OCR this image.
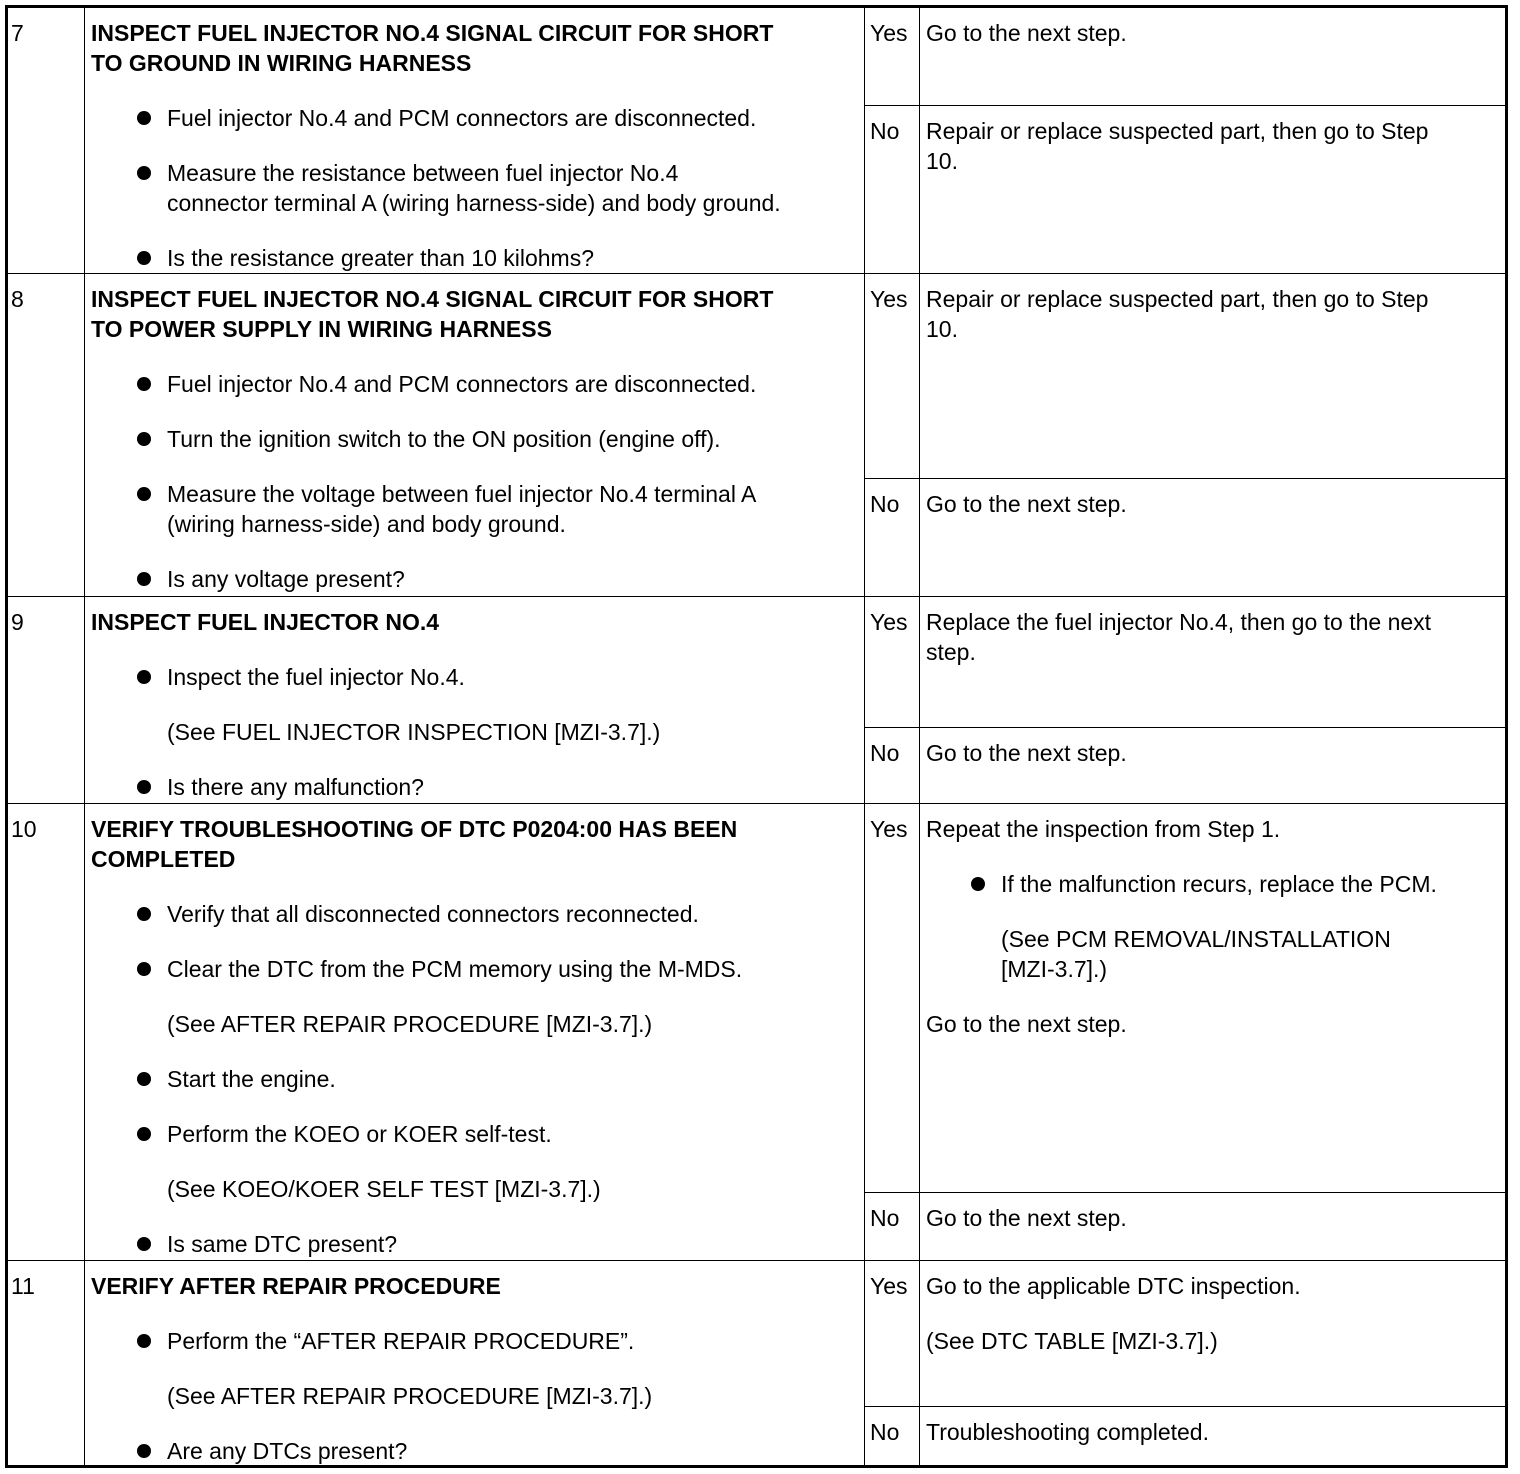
7	INSPECT FUEL INJECTOR NO.4 SIGNAL CIRCUIT FOR SHORT
TO GROUND IN WIRING HARNESS
Fuel injector No.4 and PCM connectors are disconnected.
Measure the resistance between fuel injector No.4
connector terminal A (wiring harness-side) and body ground.
Is the resistance greater than 10 kilohms?
Yes Go to the next step.
No Repair or replace suspected part, then go to Step
10.
8	INSPECT FUEL INJECTOR NO.4 SIGNAL CIRCUIT FOR SHORT
TO POWER SUPPLY IN WIRING HARNESS
Fuel injector No.4 and PCM connectors are disconnected.
Turn the ignition switch to the ON position (engine off).
Measure the voltage between fuel injector No.4 terminal A
(wiring harness-side) and body ground.
Is any voltage present?
Yes Repair or replace suspected part, then go to Step
10.
No Go to the next step.
9	INSPECT FUEL INJECTOR NO.4
Inspect the fuel injector No.4.
(See FUEL INJECTOR INSPECTION [MZI-3.7].)
Is there any malfunction?
Yes Replace the fuel injector No.4, then go to the next
step.
No Go to the next step.
10 VERIFY TROUBLESHOOTING OF DTC P0204:00 HAS BEEN
COMPLETED
Verify that all disconnected connectors reconnected.
Clear the DTC from the PCM memory using the M-MDS.
(See AFTER REPAIR PROCEDURE [MZI-3.7].)
Start the engine.
Perform the KOEO or KOER self-test.
(See KOEO/KOER SELF TEST [MZI-3.7].)
Is same DTC present?
Yes Repeat the inspection from Step 1.
If the malfunction recurs, replace the PCM.
(See PCM REMOVAL/INSTALLATION
[MZI-3.7].)
Go to the next step.
No Go to the next step.
11 VERIFY AFTER REPAIR PROCEDURE
Perform the “AFTER REPAIR PROCEDURE”.
(See AFTER REPAIR PROCEDURE [MZI-3.7].)
Are any DTCs present?
Yes Go to the applicable DTC inspection.
(See DTC TABLE [MZI-3.7].)
No Troubleshooting completed.
